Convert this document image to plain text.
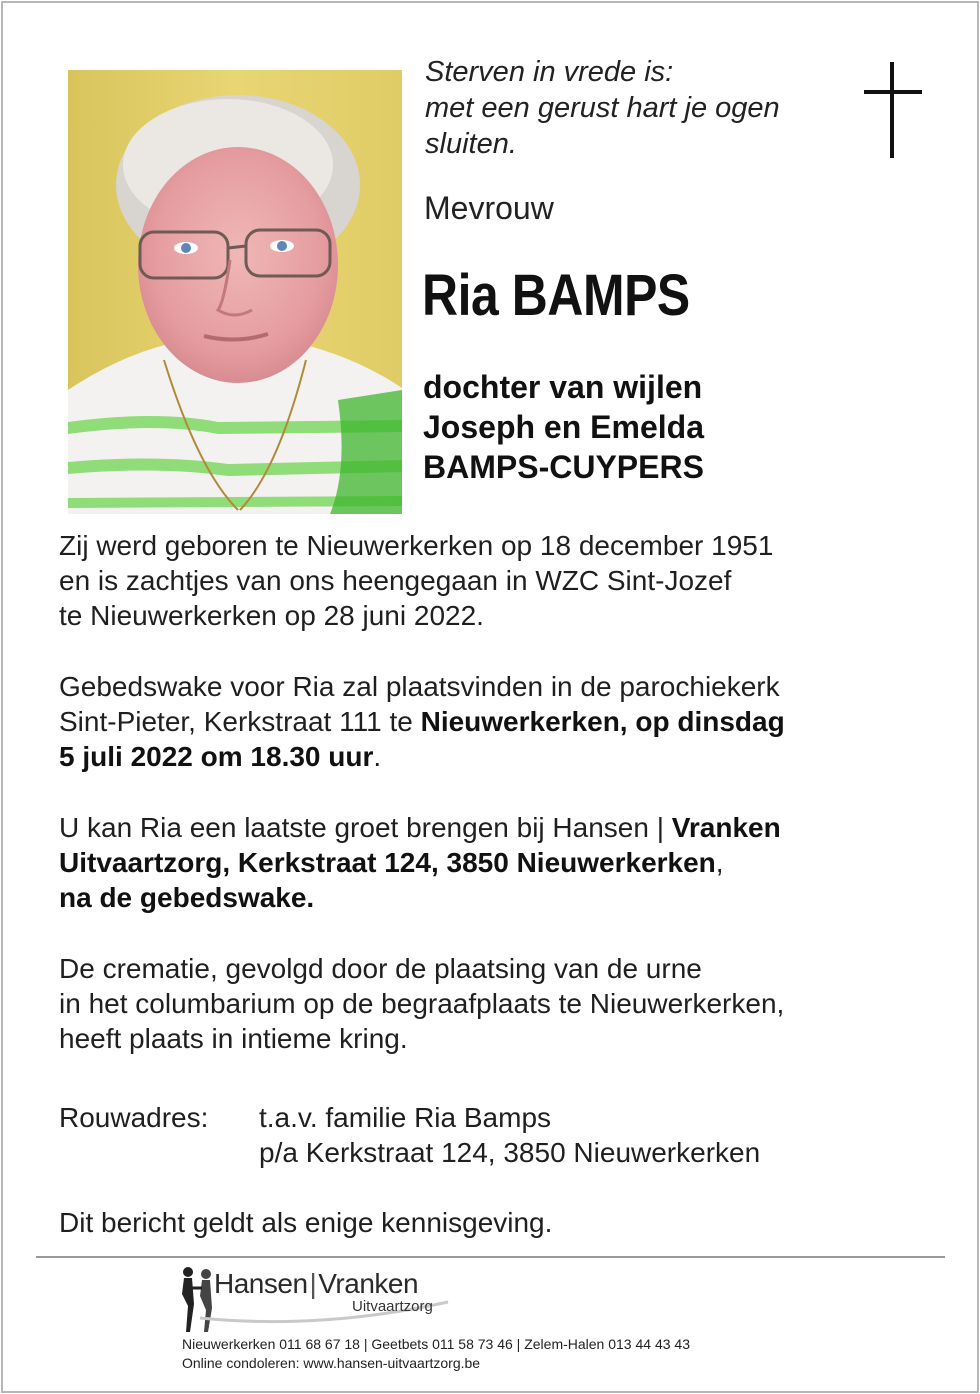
Sterven in vrede is:
met een gerust hart je ogen
sluiten.
Mevrouw
Ria BAMPS
dochter van wijlen
Joseph en Emelda
BAMPS-CUYPERS
Zij werd geboren te Nieuwerkerken op 18 december 1951
en is zachtjes van ons heengegaan in WZC Sint-Jozef
te Nieuwerkerken op 28 juni 2022.
Gebedswake voor Ria zal plaatsvinden in de parochiekerk
Sint-Pieter, Kerkstraat 111 te Nieuwerkerken, op dinsdag
5 juli 2022 om 18.30 uur.
U kan Ria een laatste groet brengen bij Hansen | Vranken
Uitvaartzorg, Kerkstraat 124, 3850 Nieuwerkerken,
na de gebedswake.
De crematie, gevolgd door de plaatsing van de urne
in het columbarium op de begraafplaats te Nieuwerkerken,
heeft plaats in intieme kring.
Rouwadres: t.a.v. familie Ria Bamps
p/a Kerkstraat 124, 3850 Nieuwerkerken
Dit bericht geldt als enige kennisgeving.
Hansen|Vranken
Uitvaartzorg
Nieuwerkerken 011 68 67 18 | Geetbets 011 58 73 46 | Zelem-Halen 013 44 43 43
Online condoleren: www.hansen-uitvaartzorg.be
